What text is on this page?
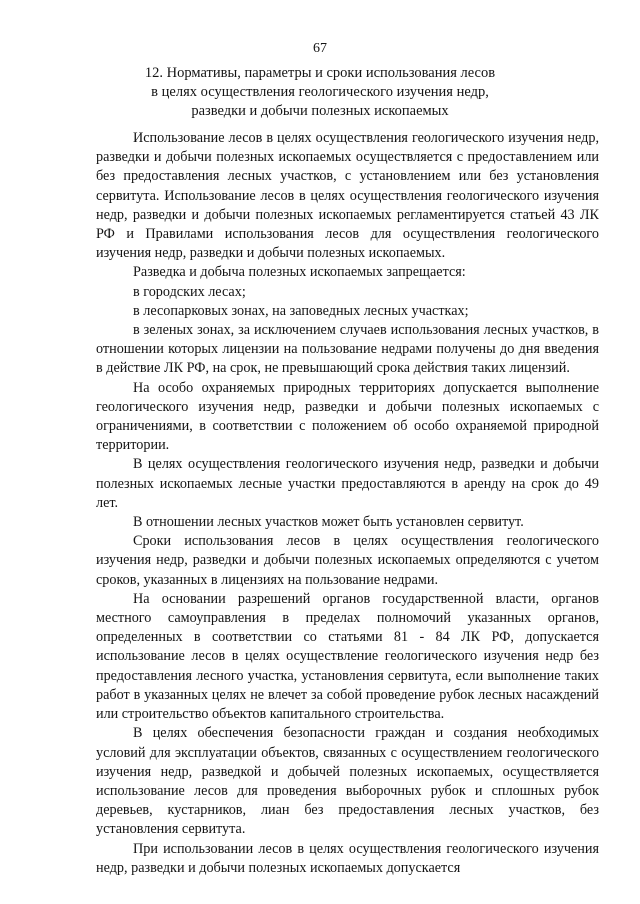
67
12. Нормативы, параметры и сроки использования лесов
в целях осуществления геологического изучения недр,
разведки и добычи полезных ископаемых

Использование лесов в целях осуществления геологического изучения недр, разведки и добычи полезных ископаемых осуществляется с предоставлением или без предоставления лесных участков, с установлением или без установления сервитута. Использование лесов в целях осуществления геологического изучения недр, разведки и добычи полезных ископаемых регламентируется статьей 43 ЛК РФ и Правилами использования лесов для осуществления геологического изучения недр, разведки и добычи полезных ископаемых.

Разведка и добыча полезных ископаемых запрещается:

в городских лесах;

в лесопарковых зонах, на заповедных лесных участках;

в зеленых зонах, за исключением случаев использования лесных участков, в отношении которых лицензии на пользование недрами получены до дня введения в действие ЛК РФ, на срок, не превышающий срока действия таких лицензий.

На особо охраняемых природных территориях допускается выполнение геологического изучения недр, разведки и добычи полезных ископаемых с ограничениями, в соответствии с положением об особо охраняемой природной территории.

В целях осуществления геологического изучения недр, разведки и добычи полезных ископаемых лесные участки предоставляются в аренду на срок до 49 лет.

В отношении лесных участков может быть установлен сервитут.

Сроки использования лесов в целях осуществления геологического изучения недр, разведки и добычи полезных ископаемых определяются с учетом сроков, указанных в лицензиях на пользование недрами.

На основании разрешений органов государственной власти, органов местного самоуправления в пределах полномочий указанных органов, определенных в соответствии со статьями 81 - 84 ЛК РФ, допускается использование лесов в целях осуществление геологического изучения недр без предоставления лесного участка, установления сервитута, если выполнение таких работ в указанных целях не влечет за собой проведение рубок лесных насаждений или строительство объектов капитального строительства.

В целях обеспечения безопасности граждан и создания необходимых условий для эксплуатации объектов, связанных с осуществлением геологического изучения недр, разведкой и добычей полезных ископаемых, осуществляется использование лесов для проведения выборочных рубок и сплошных рубок деревьев, кустарников, лиан без предоставления лесных участков, без установления сервитута.

При использовании лесов в целях осуществления геологического изучения недр, разведки и добычи полезных ископаемых допускается
